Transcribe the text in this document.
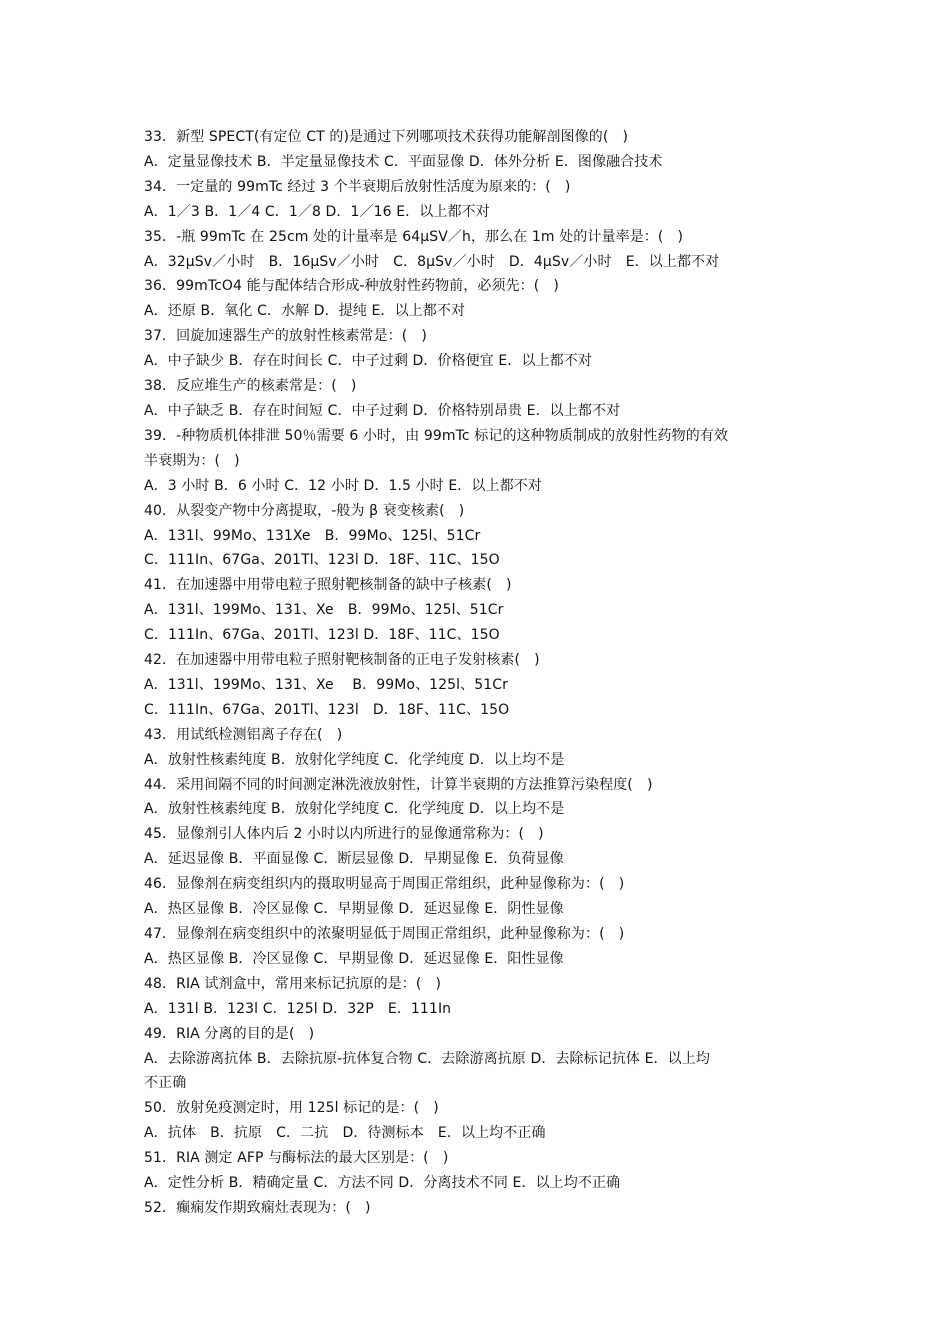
33．新型 SPECT(有定位 CT 的)是通过下列哪项技术获得功能解剖图像的(　)
A．定量显像技术 B．半定量显像技术 C．平面显像 D．体外分析 E．图像融合技术
34．一定量的 99mTc 经过 3 个半衰期后放射性活度为原来的：(　)
A．1／3 B．1／4 C．1／8 D．1／16 E．以上都不对
35．-瓶 99mTc 在 25cm 处的计量率是 64μSV／h，那么在 1m 处的计量率是：(　)
A．32μSv／小时　B．16μSv／小时　C．8μSv／小时　D．4μSv／小时　E．以上都不对
36．99mTcO4 能与配体结合形成-种放射性药物前，必须先：(　)
A．还原 B．氧化 C．水解 D．提纯 E．以上都不对
37．回旋加速器生产的放射性核素常是：(　)
A．中子缺少 B．存在时间长 C．中子过剩 D．价格便宜 E．以上都不对
38．反应堆生产的核素常是：(　)
A．中子缺乏 B．存在时间短 C．中子过剩 D．价格特别昂贵 E．以上都不对
39．-种物质机体排泄 50％需要 6 小时，由 99mTc 标记的这种物质制成的放射性药物的有效
半衰期为：(　)
A．3 小时 B．6 小时 C．12 小时 D．1.5 小时 E．以上都不对
40．从裂变产物中分离提取，-般为 β 衰变核素(　)
A．131l、99Mo、131Xe　B．99Mo、125l、51Cr
C．111In、67Ga、201Tl、123l D．18F、11C、15O
41．在加速器中用带电粒子照射靶核制备的缺中子核素(　)
A．131l、199Mo、131、Xe　B．99Mo、125l、51Cr
C．111In、67Ga、201Tl、123l D．18F、11C、15O
42．在加速器中用带电粒子照射靶核制备的正电子发射核素(　)
A．131l、199Mo、131、Xe　 B．99Mo、125l、51Cr
C．111In、67Ga、201Tl、123l　D．18F、11C、15O
43．用试纸检测铝离子存在(　)
A．放射性核素纯度 B．放射化学纯度 C．化学纯度 D．以上均不是
44．采用间隔不同的时间测定淋洗液放射性，计算半衰期的方法推算污染程度(　)
A．放射性核素纯度 B．放射化学纯度 C．化学纯度 D．以上均不是
45．显像剂引人体内后 2 小时以内所进行的显像通常称为：(　)
A．延迟显像 B．平面显像 C．断层显像 D．早期显像 E．负荷显像
46．显像剂在病变组织内的摄取明显高于周围正常组织，此种显像称为：(　)
A．热区显像 B．冷区显像 C．早期显像 D．延迟显像 E．阴性显像
47．显像剂在病变组织中的浓聚明显低于周围正常组织，此种显像称为：(　)
A．热区显像 B．冷区显像 C．早期显像 D．延迟显像 E．阳性显像
48．RIA 试剂盒中，常用来标记抗原的是：(　)
A．131l B．123l C．125l D．32P　E．111In
49．RIA 分离的目的是(　)
A．去除游离抗体 B．去除抗原-抗体复合物 C．去除游离抗原 D．去除标记抗体 E．以上均
不正确
50．放射免疫测定时，用 125l 标记的是：(　)
A．抗体　B．抗原　C．二抗　D．待测标本　E．以上均不正确
51．RIA 测定 AFP 与酶标法的最大区别是：(　)
A．定性分析 B．精确定量 C．方法不同 D．分离技术不同 E．以上均不正确
52．癫痫发作期致痫灶表现为：(　)
